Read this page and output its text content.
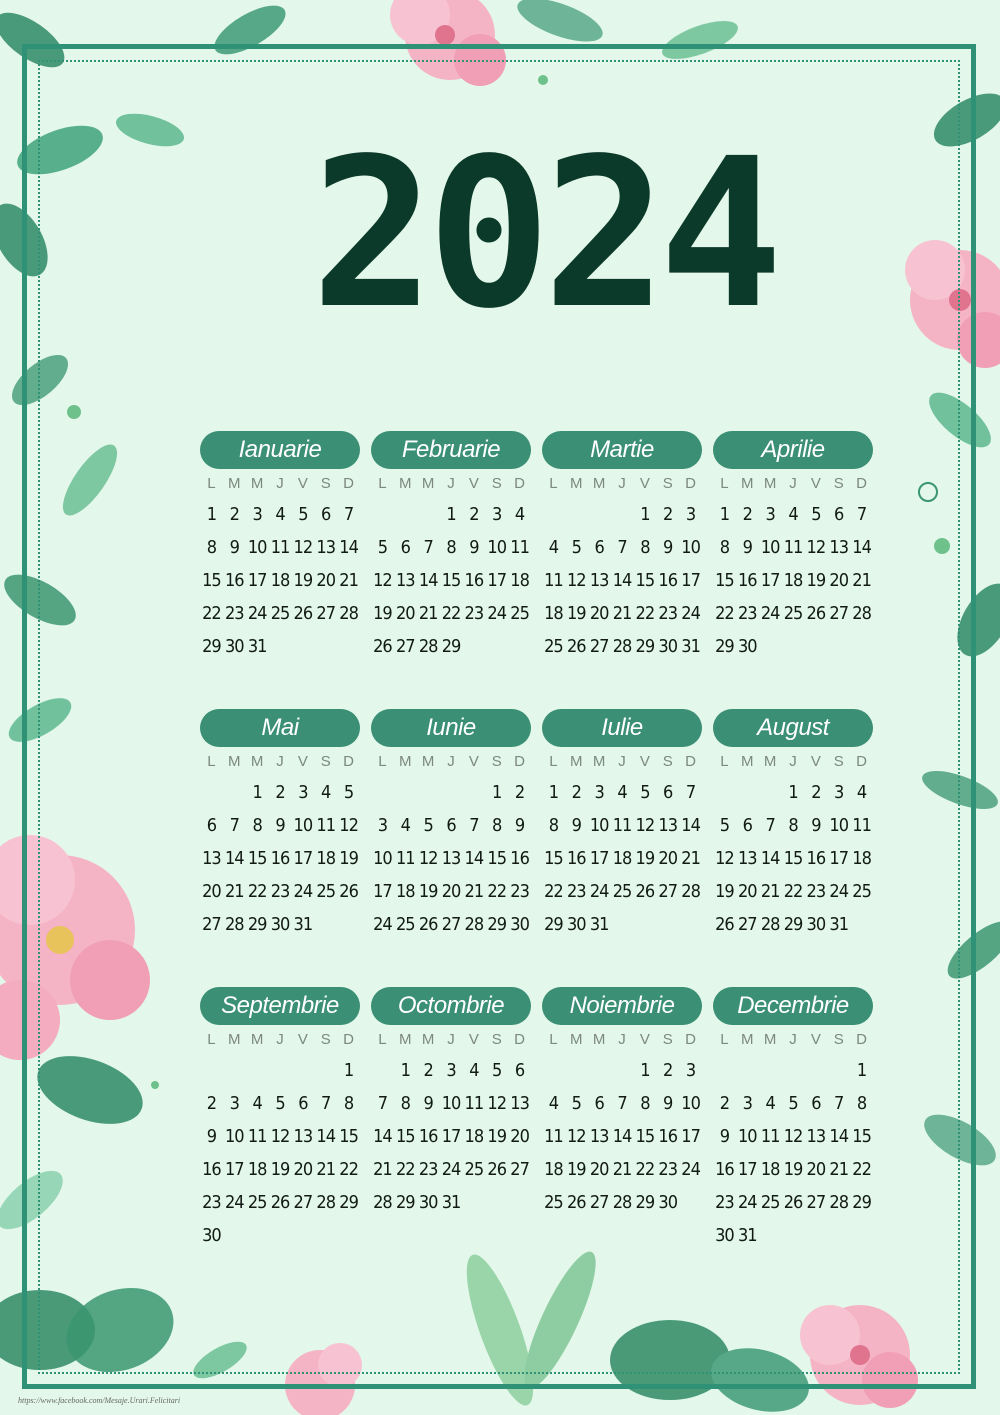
2024
Ianuarie
L M M J V S D
1 2 3 4 5 6 7
8 9 10 11 12 13 14
15 16 17 18 19 20 21
22 23 24 25 26 27 28
29 30 31
Februarie
L M M J V S D
1 2 3 4
5 6 7 8 9 10 11
12 13 14 15 16 17 18
19 20 21 22 23 24 25
26 27 28 29
Martie
L M M J V S D
1 2 3
4 5 6 7 8 9 10
11 12 13 14 15 16 17
18 19 20 21 22 23 24
25 26 27 28 29 30 31
Aprilie
L M M J V S D
1 2 3 4 5 6 7
8 9 10 11 12 13 14
15 16 17 18 19 20 21
22 23 24 25 26 27 28
29 30
Mai
L M M J V S D
1 2 3 4 5
6 7 8 9 10 11 12
13 14 15 16 17 18 19
20 21 22 23 24 25 26
27 28 29 30 31
Iunie
L M M J V S D
1 2
3 4 5 6 7 8 9
10 11 12 13 14 15 16
17 18 19 20 21 22 23
24 25 26 27 28 29 30
Iulie
L M M J V S D
1 2 3 4 5 6 7
8 9 10 11 12 13 14
15 16 17 18 19 20 21
22 23 24 25 26 27 28
29 30 31
August
L M M J V S D
1 2 3 4
5 6 7 8 9 10 11
12 13 14 15 16 17 18
19 20 21 22 23 24 25
26 27 28 29 30 31
Septembrie
L M M J V S D
1
2 3 4 5 6 7 8
9 10 11 12 13 14 15
16 17 18 19 20 21 22
23 24 25 26 27 28 29
30
Octombrie
L M M J V S D
1 2 3 4 5 6
7 8 9 10 11 12 13
14 15 16 17 18 19 20
21 22 23 24 25 26 27
28 29 30 31
Noiembrie
L M M J V S D
1 2 3
4 5 6 7 8 9 10
11 12 13 14 15 16 17
18 19 20 21 22 23 24
25 26 27 28 29 30
Decembrie
L M M J V S D
1
2 3 4 5 6 7 8
9 10 11 12 13 14 15
16 17 18 19 20 21 22
23 24 25 26 27 28 29
30 31
https://www.facebook.com/Mesaje.Urari.Felicitari
